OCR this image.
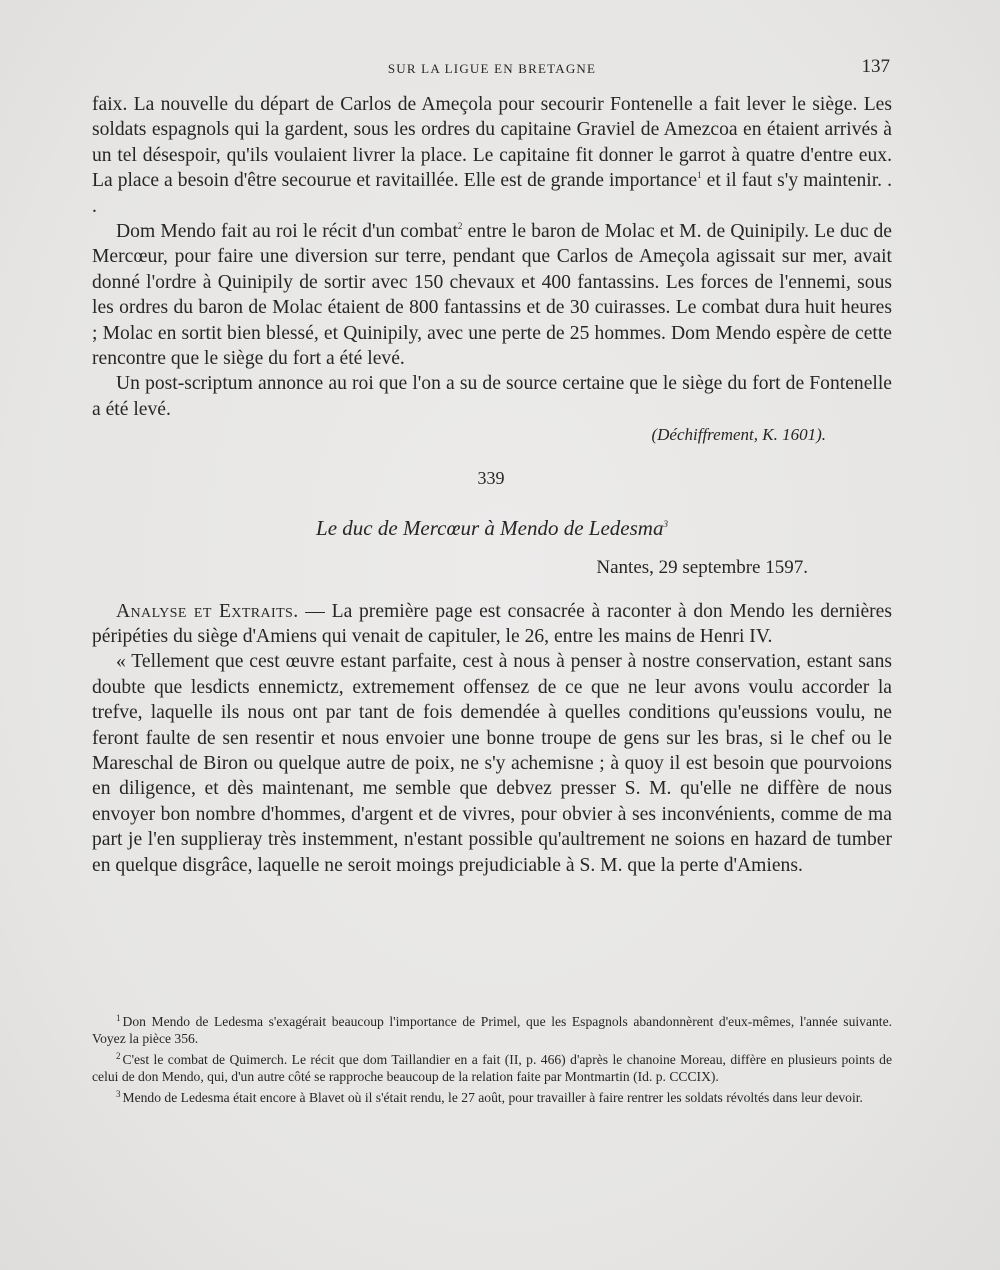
SUR LA LIGUE EN BRETAGNE	137

faix. La nouvelle du départ de Carlos de Ameçola pour secourir Fontenelle a fait lever le siège. Les soldats espagnols qui la gardent, sous les ordres du capitaine Graviel de Amezcoa en étaient arrivés à un tel désespoir, qu'ils voulaient livrer la place. Le capitaine fit donner le garrot à quatre d'entre eux. La place a besoin d'être secourue et ravitaillée. Elle est de grande importance$^1$ et il faut s'y maintenir. . .

Dom Mendo fait au roi le récit d'un combat$^2$ entre le baron de Molac et M. de Quinipily. Le duc de Mercœur, pour faire une diversion sur terre, pendant que Carlos de Ameçola agissait sur mer, avait donné l'ordre à Quinipily de sortir avec 150 chevaux et 400 fantassins. Les forces de l'ennemi, sous les ordres du baron de Molac étaient de 800 fantassins et de 30 cuirasses. Le combat dura huit heures ; Molac en sortit bien blessé, et Quinipily, avec une perte de 25 hommes. Dom Mendo espère de cette rencontre que le siège du fort a été levé.

Un post-scriptum annonce au roi que l'on a su de source certaine que le siège du fort de Fontenelle a été levé.

(Déchiffrement, K. 1601).

339

Le duc de Mercœur à Mendo de Ledesma$^3$

Nantes, 29 septembre 1597.

Analyse et Extraits. — La première page est consacrée à raconter à don Mendo les dernières péripéties du siège d'Amiens qui venait de capituler, le 26, entre les mains de Henri IV.

« Tellement que cest œuvre estant parfaite, cest à nous à penser à nostre conservation, estant sans doubte que lesdicts ennemictz, extremement offensez de ce que ne leur avons voulu accorder la trefve, laquelle ils nous ont par tant de fois demendée à quelles conditions qu'eussions voulu, ne feront faulte de sen resentir et nous envoier une bonne troupe de gens sur les bras, si le chef ou le Mareschal de Biron ou quelque autre de poix, ne s'y achemisne ; à quoy il est besoin que pourvoions en diligence, et dès maintenant, me semble que debvez presser S. M. qu'elle ne diffère de nous envoyer bon nombre d'hommes, d'argent et de vivres, pour obvier à ses inconvénients, comme de ma part je l'en supplieray très instemment, n'estant possible qu'aultrement ne soions en hazard de tumber en quelque disgrâce, laquelle ne seroit moings prejudiciable à S. M. que la perte d'Amiens.

$^1$ Don Mendo de Ledesma s'exagérait beaucoup l'importance de Primel, que les Espagnols abandonnèrent d'eux-mêmes, l'année suivante. Voyez la pièce 356.

$^2$ C'est le combat de Quimerch. Le récit que dom Taillandier en a fait (II, p. 466) d'après le chanoine Moreau, diffère en plusieurs points de celui de don Mendo, qui, d'un autre côté se rapproche beaucoup de la relation faite par Montmartin (Id. p. CCCIX).

$^3$ Mendo de Ledesma était encore à Blavet où il s'était rendu, le 27 août, pour travailler à faire rentrer les soldats révoltés dans leur devoir.
